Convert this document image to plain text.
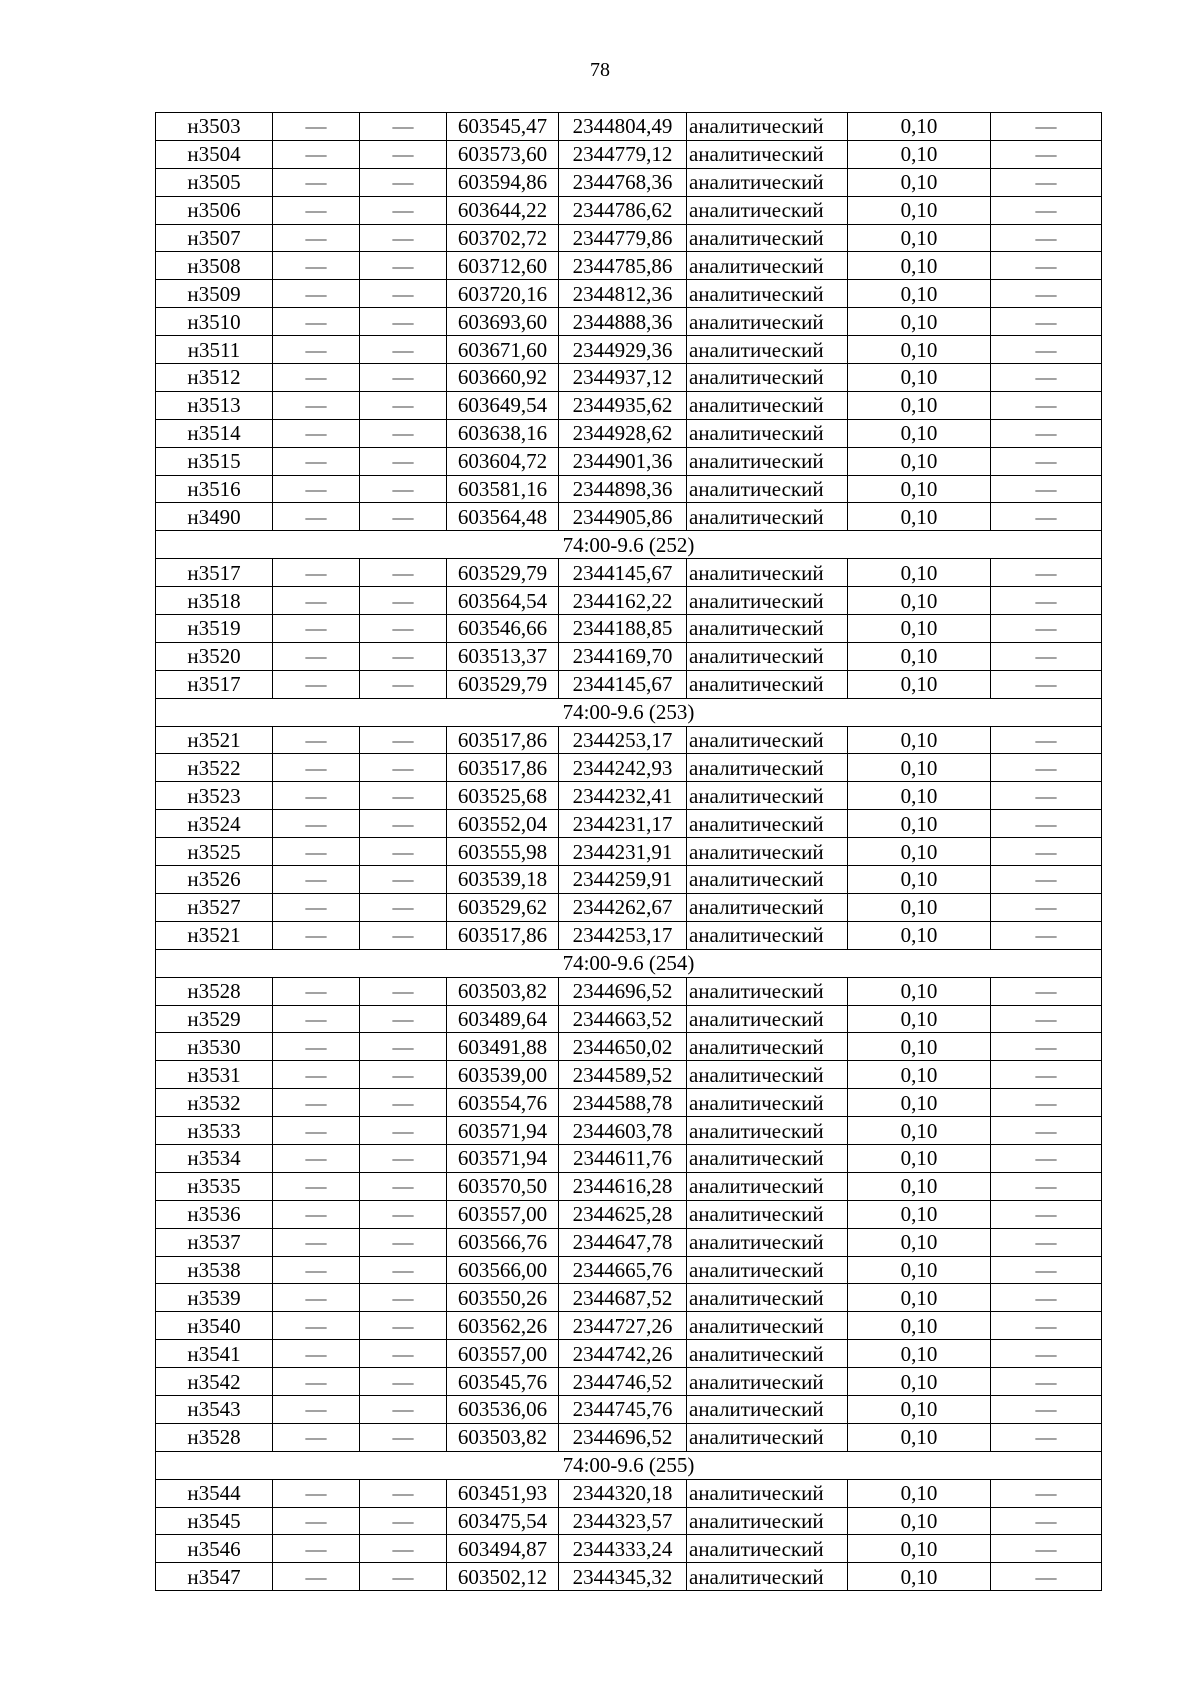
78
н3503	—	—	603545,47	2344804,49	аналитический	0,10	—
н3504	—	—	603573,60	2344779,12	аналитический	0,10	—
н3505	—	—	603594,86	2344768,36	аналитический	0,10	—
н3506	—	—	603644,22	2344786,62	аналитический	0,10	—
н3507	—	—	603702,72	2344779,86	аналитический	0,10	—
н3508	—	—	603712,60	2344785,86	аналитический	0,10	—
н3509	—	—	603720,16	2344812,36	аналитический	0,10	—
н3510	—	—	603693,60	2344888,36	аналитический	0,10	—
н3511	—	—	603671,60	2344929,36	аналитический	0,10	—
н3512	—	—	603660,92	2344937,12	аналитический	0,10	—
н3513	—	—	603649,54	2344935,62	аналитический	0,10	—
н3514	—	—	603638,16	2344928,62	аналитический	0,10	—
н3515	—	—	603604,72	2344901,36	аналитический	0,10	—
н3516	—	—	603581,16	2344898,36	аналитический	0,10	—
н3490	—	—	603564,48	2344905,86	аналитический	0,10	—
74:00-9.6 (252)							
н3517	—	—	603529,79	2344145,67	аналитический	0,10	—
н3518	—	—	603564,54	2344162,22	аналитический	0,10	—
н3519	—	—	603546,66	2344188,85	аналитический	0,10	—
н3520	—	—	603513,37	2344169,70	аналитический	0,10	—
н3517	—	—	603529,79	2344145,67	аналитический	0,10	—
74:00-9.6 (253)							
н3521	—	—	603517,86	2344253,17	аналитический	0,10	—
н3522	—	—	603517,86	2344242,93	аналитический	0,10	—
н3523	—	—	603525,68	2344232,41	аналитический	0,10	—
н3524	—	—	603552,04	2344231,17	аналитический	0,10	—
н3525	—	—	603555,98	2344231,91	аналитический	0,10	—
н3526	—	—	603539,18	2344259,91	аналитический	0,10	—
н3527	—	—	603529,62	2344262,67	аналитический	0,10	—
н3521	—	—	603517,86	2344253,17	аналитический	0,10	—
74:00-9.6 (254)							
н3528	—	—	603503,82	2344696,52	аналитический	0,10	—
н3529	—	—	603489,64	2344663,52	аналитический	0,10	—
н3530	—	—	603491,88	2344650,02	аналитический	0,10	—
н3531	—	—	603539,00	2344589,52	аналитический	0,10	—
н3532	—	—	603554,76	2344588,78	аналитический	0,10	—
н3533	—	—	603571,94	2344603,78	аналитический	0,10	—
н3534	—	—	603571,94	2344611,76	аналитический	0,10	—
н3535	—	—	603570,50	2344616,28	аналитический	0,10	—
н3536	—	—	603557,00	2344625,28	аналитический	0,10	—
н3537	—	—	603566,76	2344647,78	аналитический	0,10	—
н3538	—	—	603566,00	2344665,76	аналитический	0,10	—
н3539	—	—	603550,26	2344687,52	аналитический	0,10	—
н3540	—	—	603562,26	2344727,26	аналитический	0,10	—
н3541	—	—	603557,00	2344742,26	аналитический	0,10	—
н3542	—	—	603545,76	2344746,52	аналитический	0,10	—
н3543	—	—	603536,06	2344745,76	аналитический	0,10	—
н3528	—	—	603503,82	2344696,52	аналитический	0,10	—
74:00-9.6 (255)							
н3544	—	—	603451,93	2344320,18	аналитический	0,10	—
н3545	—	—	603475,54	2344323,57	аналитический	0,10	—
н3546	—	—	603494,87	2344333,24	аналитический	0,10	—
н3547	—	—	603502,12	2344345,32	аналитический	0,10	—
